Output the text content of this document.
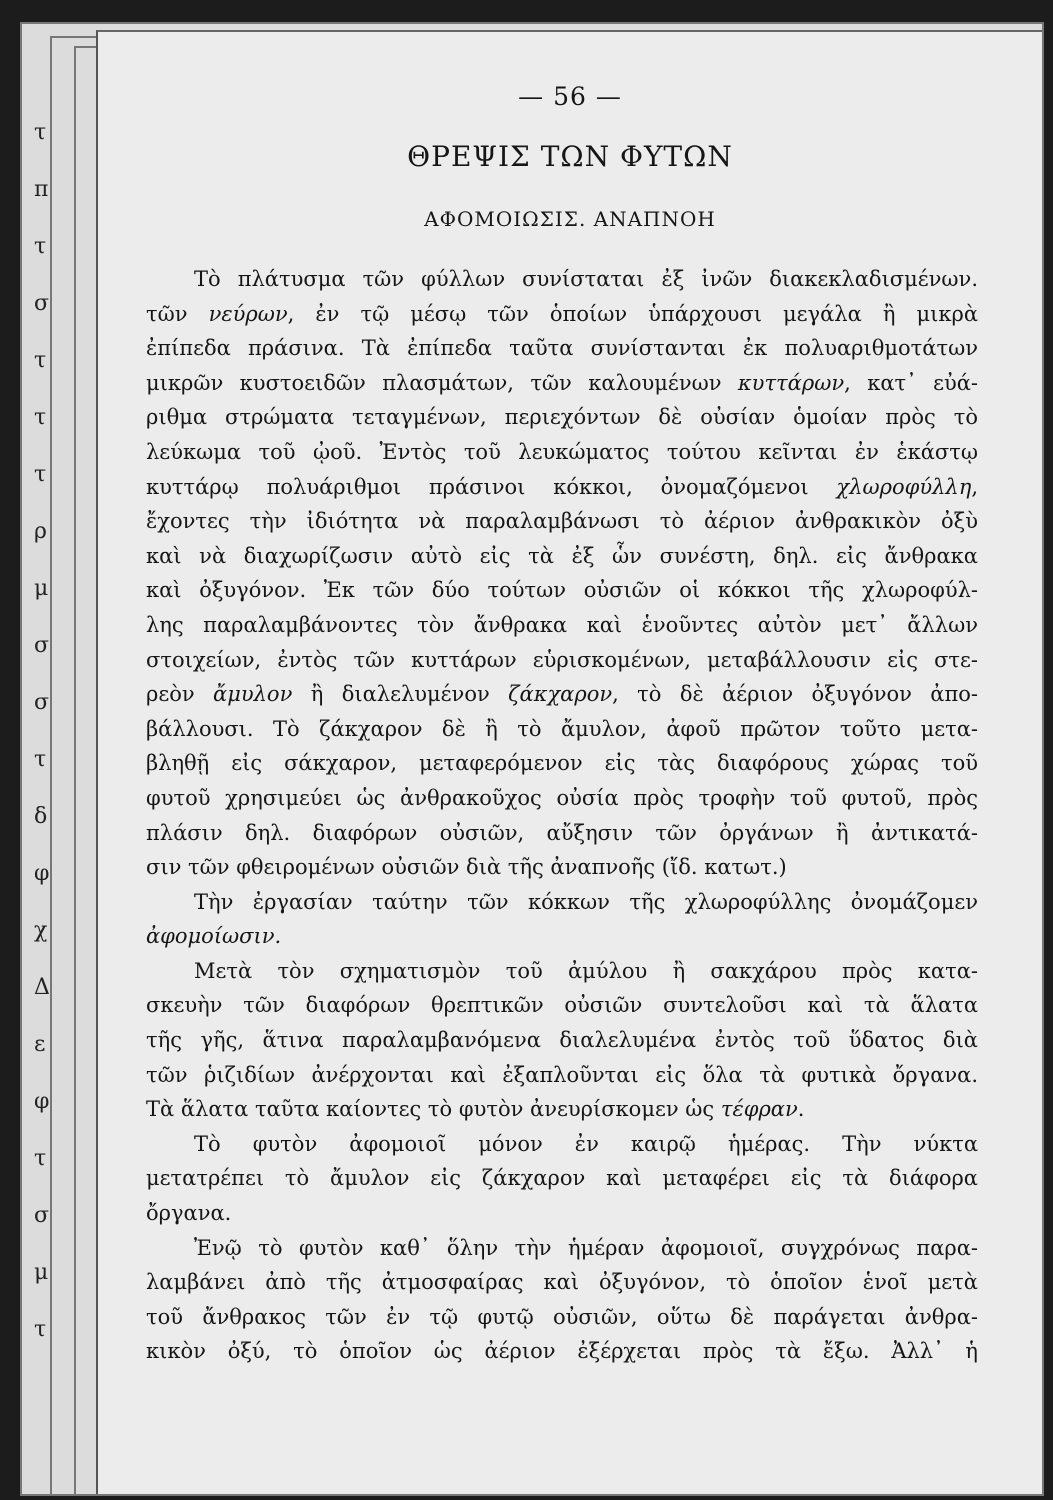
τ
π
τ
σ
τ
τ
τ
ρ
μ
σ
σ
τ
δ
φ
χ
Δ
ε
φ
τ
σ
μ
τ
— 56 —
ΘΡΕΨΙΣ ΤΩΝ ΦΥΤΩΝ
ΑΦΟΜΟΙΩΣΙΣ. ΑΝΑΠΝΟΗ
Τὸ πλάτυσμα τῶν φύλλων συνίσταται ἐξ ἰνῶν διακεκλαδισμένων.
τῶν νεύρων, ἐν τῷ μέσῳ τῶν ὁποίων ὑπάρχουσι μεγάλα ἢ μικρὰ
ἐπίπεδα πράσινα. Τὰ ἐπίπεδα ταῦτα συνίστανται ἐκ πολυαριθμοτάτων
μικρῶν κυστοειδῶν πλασμάτων, τῶν καλουμένων κυττάρων, κατ᾽ εὐά-
ριθμα στρώματα τεταγμένων, περιεχόντων δὲ οὐσίαν ὁμοίαν πρὸς τὸ
λεύκωμα τοῦ ᾠοῦ. Ἐντὸς τοῦ λευκώματος τούτου κεῖνται ἐν ἑκάστῳ
κυττάρῳ πολυάριθμοι πράσινοι κόκκοι, ὀνομαζόμενοι χλωροφύλλη,
ἔχοντες τὴν ἰδιότητα νὰ παραλαμβάνωσι τὸ ἀέριον ἀνθρακικὸν ὀξὺ
καὶ νὰ διαχωρίζωσιν αὐτὸ εἰς τὰ ἐξ ὧν συνέστη, δηλ. εἰς ἄνθρακα
καὶ ὀξυγόνον. Ἐκ τῶν δύο τούτων οὐσιῶν οἱ κόκκοι τῆς χλωροφύλ-
λης παραλαμβάνοντες τὸν ἄνθρακα καὶ ἑνοῦντες αὐτὸν μετ᾽ ἄλλων
στοιχείων, ἐντὸς τῶν κυττάρων εὑρισκομένων, μεταβάλλουσιν εἰς στε-
ρεὸν ἄμυλον ἢ διαλελυμένον ζάκχαρον, τὸ δὲ ἀέριον ὀξυγόνον ἀπο-
βάλλουσι. Τὸ ζάκχαρον δὲ ἢ τὸ ἄμυλον, ἀφοῦ πρῶτον τοῦτο μετα-
βληθῇ εἰς σάκχαρον, μεταφερόμενον εἰς τὰς διαφόρους χώρας τοῦ
φυτοῦ χρησιμεύει ὡς ἀνθρακοῦχος οὐσία πρὸς τροφὴν τοῦ φυτοῦ, πρὸς
πλάσιν δηλ. διαφόρων οὐσιῶν, αὔξησιν τῶν ὀργάνων ἢ ἀντικατά-
σιν τῶν φθειρομένων οὐσιῶν διὰ τῆς ἀναπνοῆς (ἴδ. κατωτ.)
Τὴν ἐργασίαν ταύτην τῶν κόκκων τῆς χλωροφύλλης ὀνομάζομεν
ἀφομοίωσιν.
Μετὰ τὸν σχηματισμὸν τοῦ ἀμύλου ἢ σακχάρου πρὸς κατα-
σκευὴν τῶν διαφόρων θρεπτικῶν οὐσιῶν συντελοῦσι καὶ τὰ ἅλατα
τῆς γῆς, ἅτινα παραλαμβανόμενα διαλελυμένα ἐντὸς τοῦ ὕδατος διὰ
τῶν ῥιζιδίων ἀνέρχονται καὶ ἐξαπλοῦνται εἰς ὅλα τὰ φυτικὰ ὄργανα.
Τὰ ἅλατα ταῦτα καίοντες τὸ φυτὸν ἀνευρίσκομεν ὡς τέφραν.
Τὸ φυτὸν ἀφομοιοῖ μόνον ἐν καιρῷ ἡμέρας. Τὴν νύκτα
μετατρέπει τὸ ἄμυλον εἰς ζάκχαρον καὶ μεταφέρει εἰς τὰ διάφορα
ὄργανα.
Ἐνῷ τὸ φυτὸν καθ᾽ ὅλην τὴν ἡμέραν ἀφομοιοῖ, συγχρόνως παρα-
λαμβάνει ἀπὸ τῆς ἀτμοσφαίρας καὶ ὀξυγόνον, τὸ ὁποῖον ἑνοῖ μετὰ
τοῦ ἄνθρακος τῶν ἐν τῷ φυτῷ οὐσιῶν, οὕτω δὲ παράγεται ἀνθρα-
κικὸν ὀξύ, τὸ ὁποῖον ὡς ἀέριον ἐξέρχεται πρὸς τὰ ἔξω. Ἀλλ᾽ ἡ
